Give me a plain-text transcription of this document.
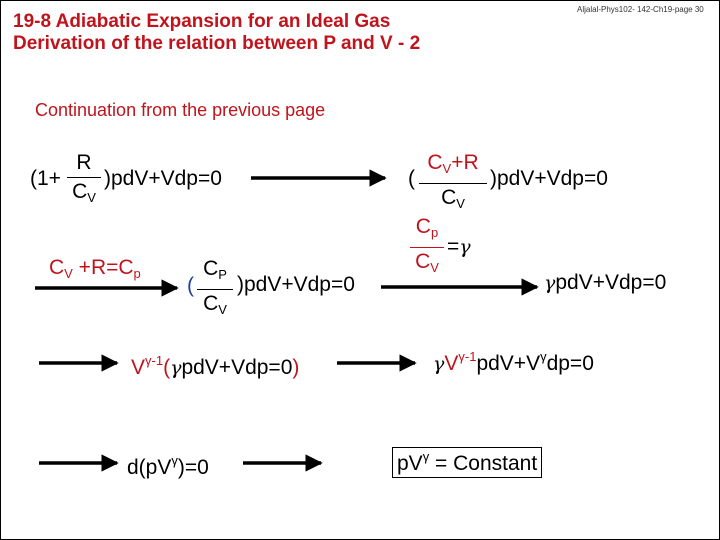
19-8 Adiabatic Expansion for an Ideal Gas
Derivation of the relation between P and V - 2
Aljalal-Phys102- 142-Ch19-page 30
Continuation from the previous page
(1+
R
$C_V$
)pdV+Vdp=0	(
$C_V+R$
$C_V$
)pdV+Vdp=0
$C_p$
$C_V$
=γ
$C_V +R=C_p$
(
$C_P$
$C_V$
)pdV+Vdp=0	γpdV+Vdp=0
$V^{\gamma-1}(\gamma pdV+Vdp=0)$	$\gamma V^{\gamma-1}pdV+V^\gamma dp=0$
$d(pV^\gamma)=0$	$pV^\gamma$ = Constant
